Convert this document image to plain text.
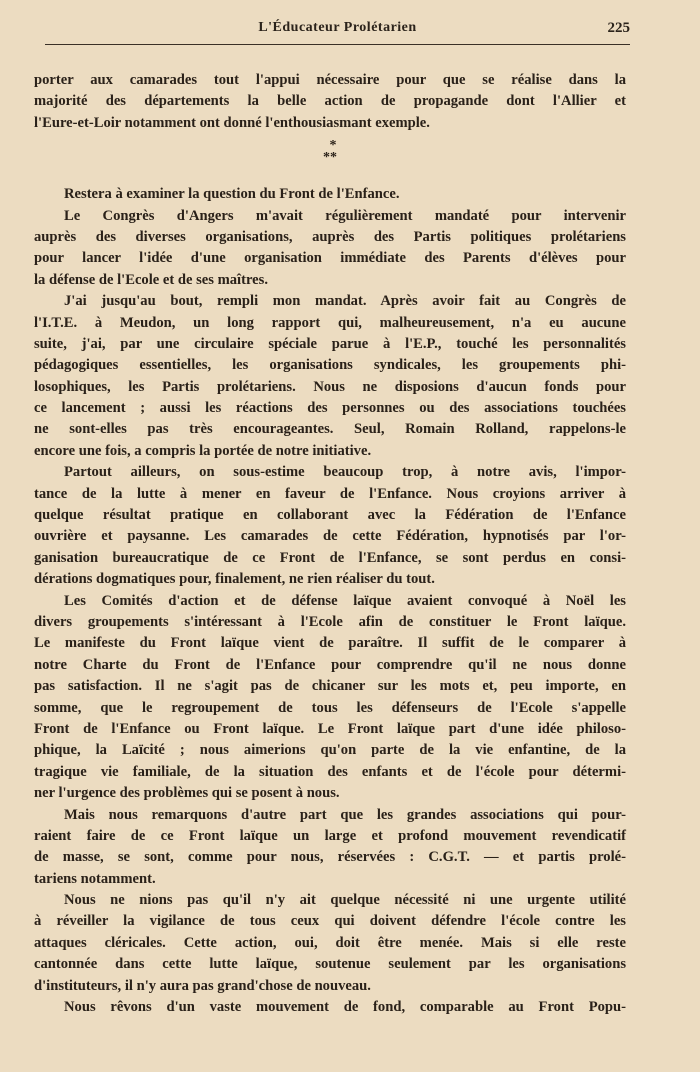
L'Éducateur Prolétarien	225
porter aux camarades tout l'appui nécessaire pour que se réalise dans la
majorité des départements la belle action de propagande dont l'Allier et
l'Eure-et-Loir notamment ont donné l'enthousiasmant exemple.
*
**
Restera à examiner la question du Front de l'Enfance.
Le Congrès d'Angers m'avait régulièrement mandaté pour intervenir
auprès des diverses organisations, auprès des Partis politiques prolétariens
pour lancer l'idée d'une organisation immédiate des Parents d'élèves pour
la défense de l'Ecole et de ses maîtres.
J'ai jusqu'au bout, rempli mon mandat. Après avoir fait au Congrès de
l'I.T.E. à Meudon, un long rapport qui, malheureusement, n'a eu aucune
suite, j'ai, par une circulaire spéciale parue à l'E.P., touché les personnalités
pédagogiques essentielles, les organisations syndicales, les groupements phi-
losophiques, les Partis prolétariens. Nous ne disposions d'aucun fonds pour
ce lancement ; aussi les réactions des personnes ou des associations touchées
ne sont-elles pas très encourageantes. Seul, Romain Rolland, rappelons-le
encore une fois, a compris la portée de notre initiative.
Partout ailleurs, on sous-estime beaucoup trop, à notre avis, l'impor-
tance de la lutte à mener en faveur de l'Enfance. Nous croyions arriver à
quelque résultat pratique en collaborant avec la Fédération de l'Enfance
ouvrière et paysanne. Les camarades de cette Fédération, hypnotisés par l'or-
ganisation bureaucratique de ce Front de l'Enfance, se sont perdus en consi-
dérations dogmatiques pour, finalement, ne rien réaliser du tout.
Les Comités d'action et de défense laïque avaient convoqué à Noël les
divers groupements s'intéressant à l'Ecole afin de constituer le Front laïque.
Le manifeste du Front laïque vient de paraître. Il suffit de le comparer à
notre Charte du Front de l'Enfance pour comprendre qu'il ne nous donne
pas satisfaction. Il ne s'agit pas de chicaner sur les mots et, peu importe, en
somme, que le regroupement de tous les défenseurs de l'Ecole s'appelle
Front de l'Enfance ou Front laïque. Le Front laïque part d'une idée philoso-
phique, la Laïcité ; nous aimerions qu'on parte de la vie enfantine, de la
tragique vie familiale, de la situation des enfants et de l'école pour détermi-
ner l'urgence des problèmes qui se posent à nous.
Mais nous remarquons d'autre part que les grandes associations qui pour-
raient faire de ce Front laïque un large et profond mouvement revendicatif
de masse, se sont, comme pour nous, réservées : C.G.T. — et partis prolé-
tariens notamment.
Nous ne nions pas qu'il n'y ait quelque nécessité ni une urgente utilité
à réveiller la vigilance de tous ceux qui doivent défendre l'école contre les
attaques cléricales. Cette action, oui, doit être menée. Mais si elle reste
cantonnée dans cette lutte laïque, soutenue seulement par les organisations
d'instituteurs, il n'y aura pas grand'chose de nouveau.
Nous rêvons d'un vaste mouvement de fond, comparable au Front Popu-
